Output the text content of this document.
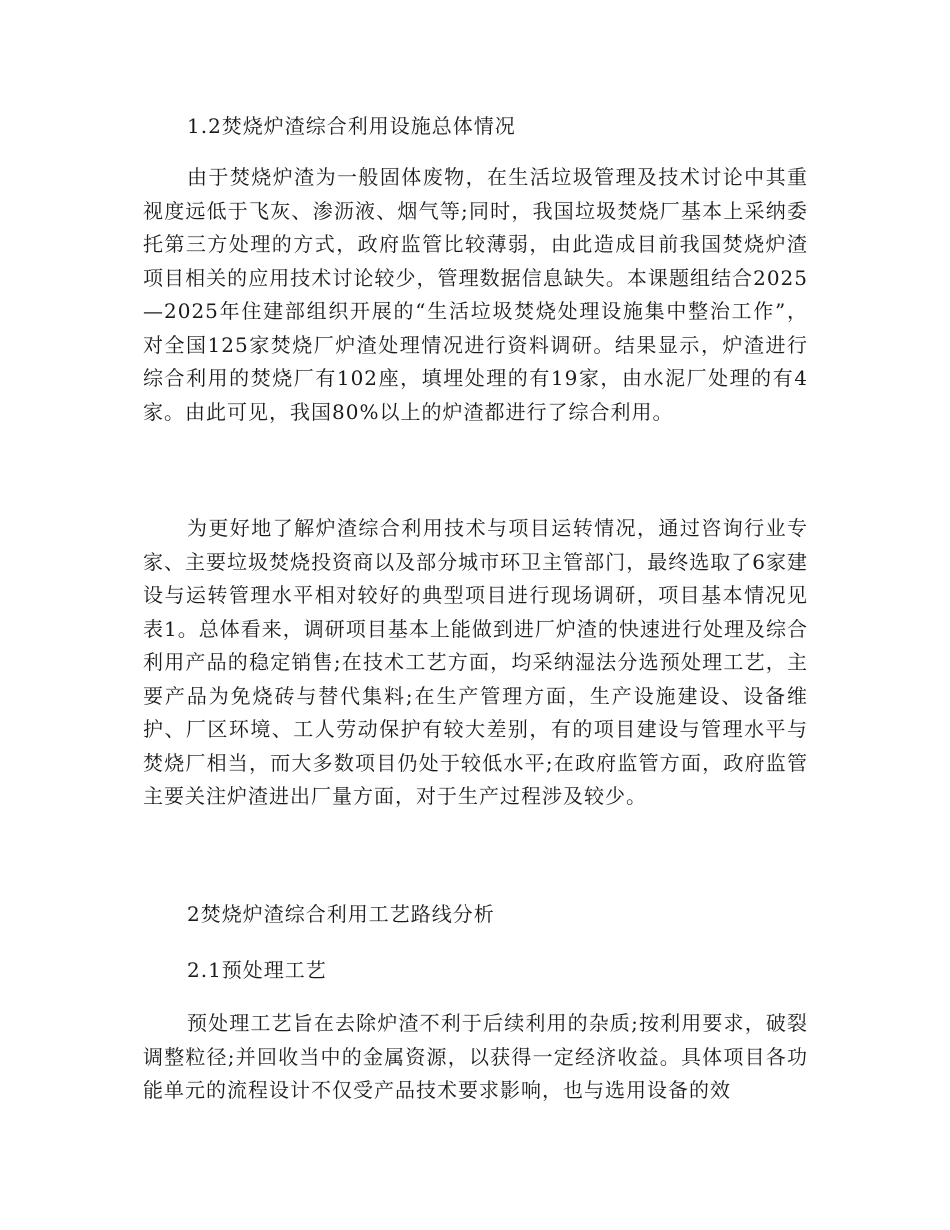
1.2焚烧炉渣综合利用设施总体情况

由于焚烧炉渣为一般固体废物，在生活垃圾管理及技术讨论中其重视度远低于飞灰、渗沥液、烟气等;同时，我国垃圾焚烧厂基本上采纳委托第三方处理的方式，政府监管比较薄弱，由此造成目前我国焚烧炉渣项目相关的应用技术讨论较少，管理数据信息缺失。本课题组结合2025—2025年住建部组织开展的“生活垃圾焚烧处理设施集中整治工作”，对全国125家焚烧厂炉渣处理情况进行资料调研。结果显示，炉渣进行综合利用的焚烧厂有102座，填埋处理的有19家，由水泥厂处理的有4家。由此可见，我国80%以上的炉渣都进行了综合利用。

为更好地了解炉渣综合利用技术与项目运转情况，通过咨询行业专家、主要垃圾焚烧投资商以及部分城市环卫主管部门，最终选取了6家建设与运转管理水平相对较好的典型项目进行现场调研，项目基本情况见表1。总体看来，调研项目基本上能做到进厂炉渣的快速进行处理及综合利用产品的稳定销售;在技术工艺方面，均采纳湿法分选预处理工艺，主要产品为免烧砖与替代集料;在生产管理方面，生产设施建设、设备维护、厂区环境、工人劳动保护有较大差别，有的项目建设与管理水平与焚烧厂相当，而大多数项目仍处于较低水平;在政府监管方面，政府监管主要关注炉渣进出厂量方面，对于生产过程涉及较少。

2焚烧炉渣综合利用工艺路线分析

2.1预处理工艺

预处理工艺旨在去除炉渣不利于后续利用的杂质;按利用要求，破裂调整粒径;并回收当中的金属资源，以获得一定经济收益。具体项目各功能单元的流程设计不仅受产品技术要求影响，也与选用设备的效
